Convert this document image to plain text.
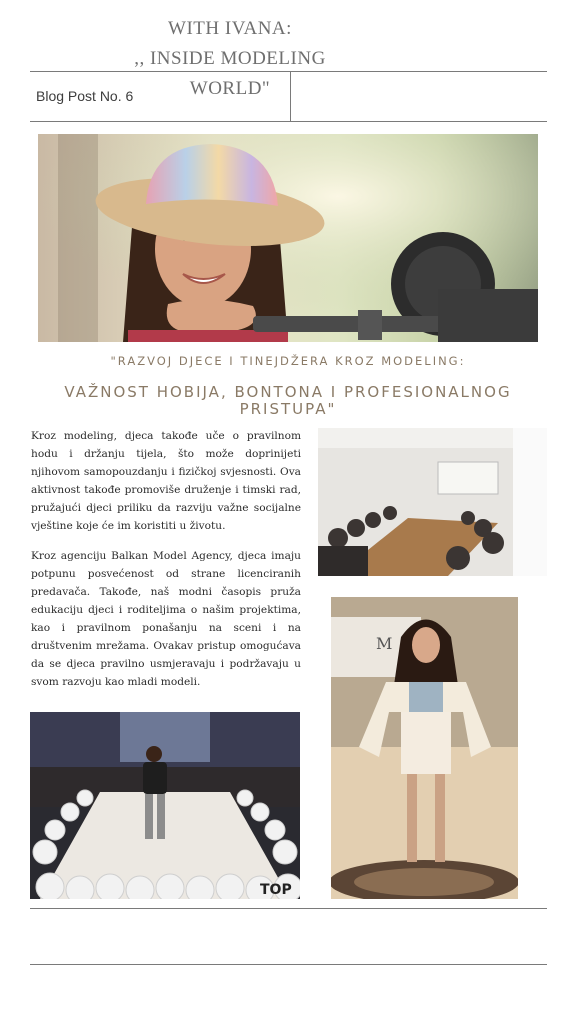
WITH IVANA:
,, INSIDE MODELING
WORLD"
Blog Post No. 6
"RAZVOJ DJECE I TINEJDŽERA KROZ MODELING:
VAŽNOST HOBIJA, BONTONA I PROFESIONALNOG PRISTUPA"
Kroz modeling, djeca takođe uče o pravilnom hodu i držanju tijela, što može doprinijeti njihovom samopouzdanju i fizičkoj svjesnosti. Ova aktivnost takođe promoviše druženje i timski rad, pružajući djeci priliku da razviju važne socijalne vještine koje će im koristiti u životu.
Kroz agenciju Balkan Model Agency, djeca imaju potpunu posvećenost od strane licenciranih predavača. Takođe, naš modni časopis pruža edukaciju djeci i roditeljima o našim projektima, kao i pravilnom ponašanju na sceni i na društvenim mrežama. Ovakav pristup omogućava da se djeca pravilno usmjeravaju i podržavaju u svom razvoju kao mladi modeli.
TOP
M
